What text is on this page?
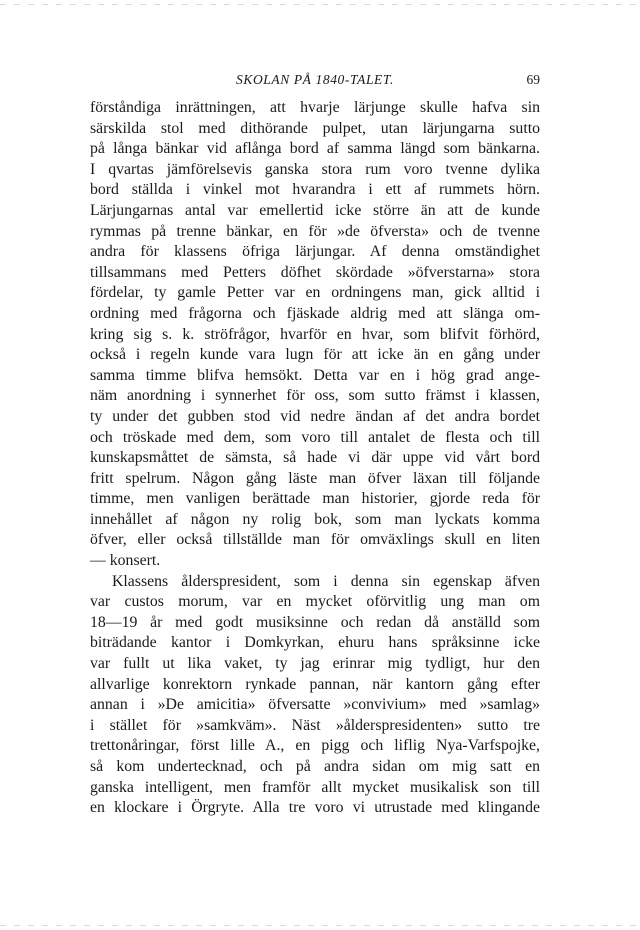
SKOLAN PÅ 1840-TALET.	69
förståndiga inrättningen, att hvarje lärjunge skulle hafva sin
särskilda stol med dithörande pulpet, utan lärjungarna sutto
på långa bänkar vid aflånga bord af samma längd som bänkarna.
I qvartas jämförelsevis ganska stora rum voro tvenne dylika
bord ställda i vinkel mot hvarandra i ett af rummets hörn.
Lärjungarnas antal var emellertid icke större än att de kunde
rymmas på trenne bänkar, en för »de öfversta» och de tvenne
andra för klassens öfriga lärjungar. Af denna omständighet
tillsammans med Petters döfhet skördade »öfverstarna» stora
fördelar, ty gamle Petter var en ordningens man, gick alltid i
ordning med frågorna och fjäskade aldrig med att slänga om-
kring sig s. k. ströfrågor, hvarför en hvar, som blifvit förhörd,
också i regeln kunde vara lugn för att icke än en gång under
samma timme blifva hemsökt. Detta var en i hög grad ange-
näm anordning i synnerhet för oss, som sutto främst i klassen,
ty under det gubben stod vid nedre ändan af det andra bordet
och tröskade med dem, som voro till antalet de flesta och till
kunskapsmåttet de sämsta, så hade vi där uppe vid vårt bord
fritt spelrum. Någon gång läste man öfver läxan till följande
timme, men vanligen berättade man historier, gjorde reda för
innehållet af någon ny rolig bok, som man lyckats komma
öfver, eller också tillställde man för omväxlings skull en liten
— konsert.
Klassens ålderspresident, som i denna sin egenskap äfven
var custos morum, var en mycket oförvitlig ung man om
18—19 år med godt musiksinne och redan då anställd som
biträdande kantor i Domkyrkan, ehuru hans språksinne icke
var fullt ut lika vaket, ty jag erinrar mig tydligt, hur den
allvarlige konrektorn rynkade pannan, när kantorn gång efter
annan i »De amicitia» öfversatte »convivium» med »samlag»
i stället för »samkväm». Näst »ålderspresidenten» sutto tre
trettonåringar, först lille A., en pigg och liflig Nya-Varfspojke,
så kom undertecknad, och på andra sidan om mig satt en
ganska intelligent, men framför allt mycket musikalisk son till
en klockare i Örgryte. Alla tre voro vi utrustade med klingande
